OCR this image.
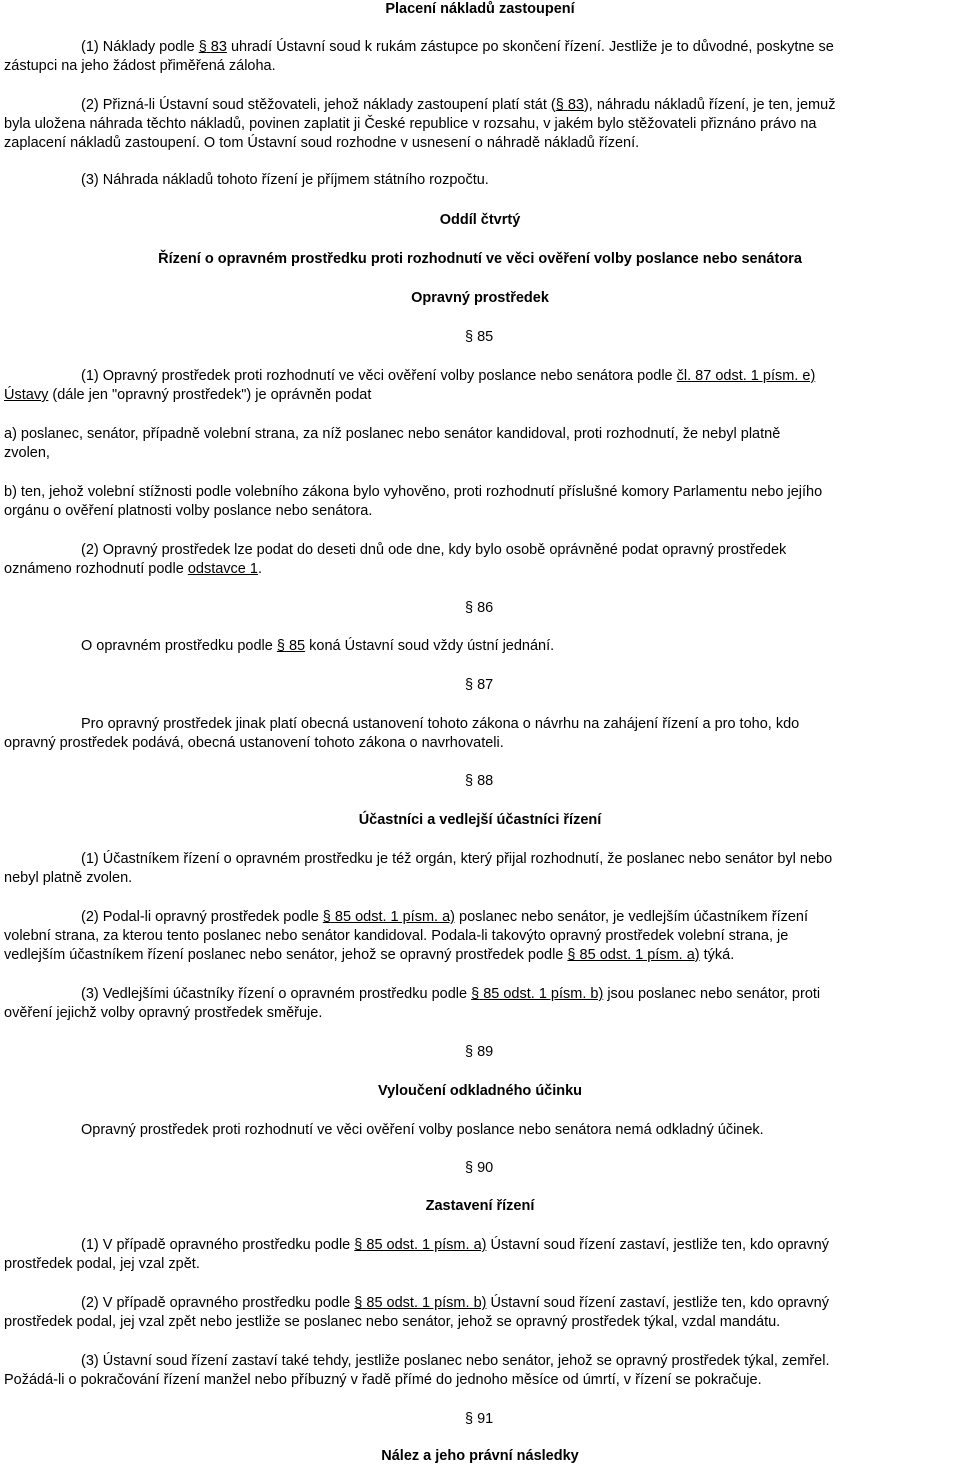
Placení nákladů zastoupení
(1) Náklady podle § 83 uhradí Ústavní soud k rukám zástupce po skončení řízení. Jestliže je to důvodné, poskytne se
zástupci na jeho žádost přiměřená záloha.
(2) Přizná-li Ústavní soud stěžovateli, jehož náklady zastoupení platí stát (§ 83), náhradu nákladů řízení, je ten, jemuž
byla uložena náhrada těchto nákladů, povinen zaplatit ji České republice v rozsahu, v jakém bylo stěžovateli přiznáno právo na
zaplacení nákladů zastoupení. O tom Ústavní soud rozhodne v usnesení o náhradě nákladů řízení.
(3) Náhrada nákladů tohoto řízení je příjmem státního rozpočtu.
Oddíl čtvrtý
Řízení o opravném prostředku proti rozhodnutí ve věci ověření volby poslance nebo senátora
Opravný prostředek
§ 85
(1) Opravný prostředek proti rozhodnutí ve věci ověření volby poslance nebo senátora podle čl. 87 odst. 1 písm. e)
Ústavy (dále jen "opravný prostředek") je oprávněn podat
a) poslanec, senátor, případně volební strana, za níž poslanec nebo senátor kandidoval, proti rozhodnutí, že nebyl platně
zvolen,
b) ten, jehož volební stížnosti podle volebního zákona bylo vyhověno, proti rozhodnutí příslušné komory Parlamentu nebo jejího
orgánu o ověření platnosti volby poslance nebo senátora.
(2) Opravný prostředek lze podat do deseti dnů ode dne, kdy bylo osobě oprávněné podat opravný prostředek
oznámeno rozhodnutí podle odstavce 1.
§ 86
O opravném prostředku podle § 85 koná Ústavní soud vždy ústní jednání.
§ 87
Pro opravný prostředek jinak platí obecná ustanovení tohoto zákona o návrhu na zahájení řízení a pro toho, kdo
opravný prostředek podává, obecná ustanovení tohoto zákona o navrhovateli.
§ 88
Účastníci a vedlejší účastníci řízení
(1) Účastníkem řízení o opravném prostředku je též orgán, který přijal rozhodnutí, že poslanec nebo senátor byl nebo
nebyl platně zvolen.
(2) Podal-li opravný prostředek podle § 85 odst. 1 písm. a) poslanec nebo senátor, je vedlejším účastníkem řízení
volební strana, za kterou tento poslanec nebo senátor kandidoval. Podala-li takovýto opravný prostředek volební strana, je
vedlejším účastníkem řízení poslanec nebo senátor, jehož se opravný prostředek podle § 85 odst. 1 písm. a) týká.
(3) Vedlejšími účastníky řízení o opravném prostředku podle § 85 odst. 1 písm. b) jsou poslanec nebo senátor, proti
ověření jejichž volby opravný prostředek směřuje.
§ 89
Vyloučení odkladného účinku
Opravný prostředek proti rozhodnutí ve věci ověření volby poslance nebo senátora nemá odkladný účinek.
§ 90
Zastavení řízení
(1) V případě opravného prostředku podle § 85 odst. 1 písm. a) Ústavní soud řízení zastaví, jestliže ten, kdo opravný
prostředek podal, jej vzal zpět.
(2) V případě opravného prostředku podle § 85 odst. 1 písm. b) Ústavní soud řízení zastaví, jestliže ten, kdo opravný
prostředek podal, jej vzal zpět nebo jestliže se poslanec nebo senátor, jehož se opravný prostředek týkal, vzdal mandátu.
(3) Ústavní soud řízení zastaví také tehdy, jestliže poslanec nebo senátor, jehož se opravný prostředek týkal, zemřel.
Požádá-li o pokračování řízení manžel nebo příbuzný v řadě přímé do jednoho měsíce od úmrtí, v řízení se pokračuje.
§ 91
Nález a jeho právní následky
